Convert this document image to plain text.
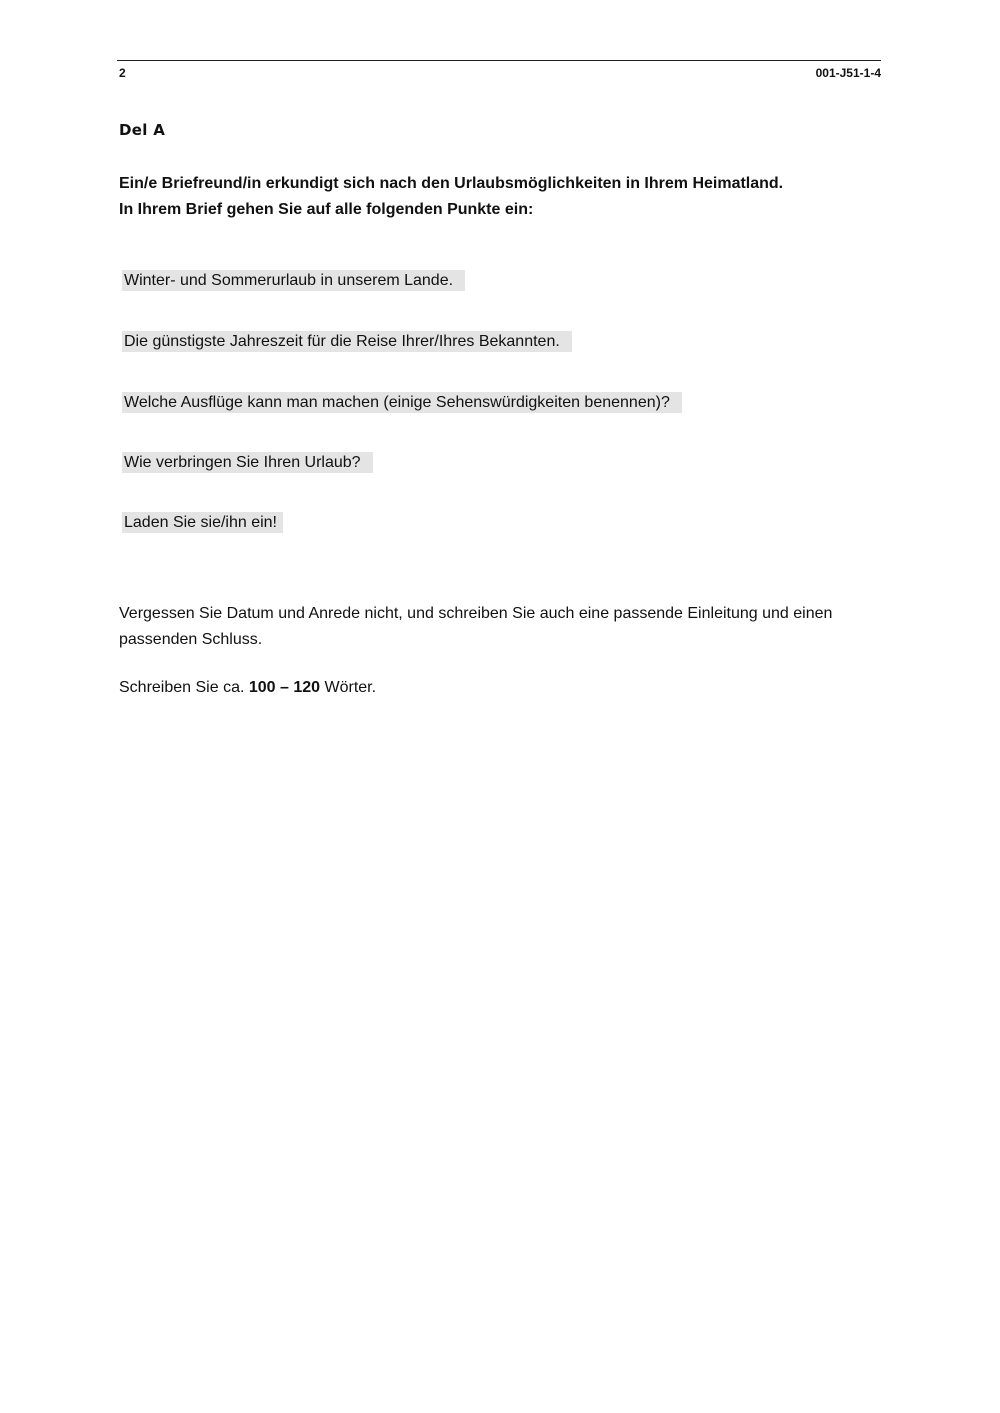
2	001-J51-1-4
Del A
Ein/e Briefreund/in erkundigt sich nach den Urlaubsmöglichkeiten in Ihrem Heimatland.
In Ihrem Brief gehen Sie auf alle folgenden Punkte ein:
Winter- und Sommerurlaub in unserem Lande.
Die günstigste Jahreszeit für die Reise Ihrer/Ihres Bekannten.
Welche Ausflüge kann man machen (einige Sehenswürdigkeiten benennen)?
Wie verbringen Sie Ihren Urlaub?
Laden Sie sie/ihn ein!
Vergessen Sie Datum und Anrede nicht, und schreiben Sie auch eine passende Einleitung und einen passenden Schluss.
Schreiben Sie ca. 100 – 120 Wörter.
